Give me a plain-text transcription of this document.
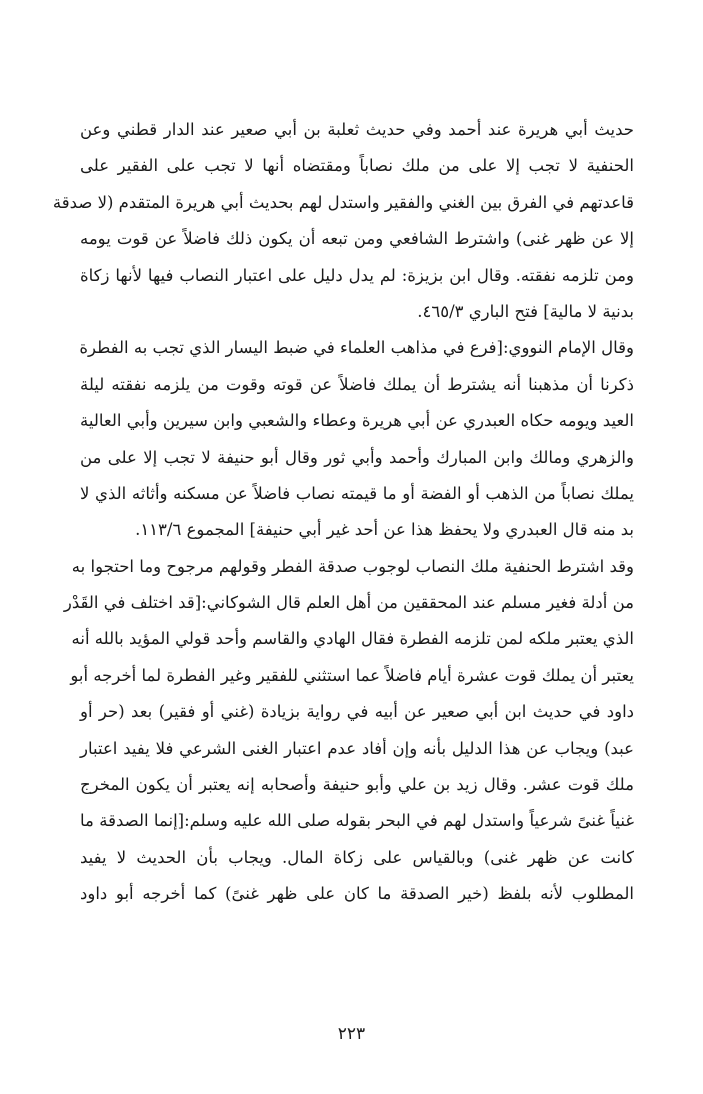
حديث أبي هريرة عند أحمد وفي حديث ثعلبة بن أبي صعير عند الدار قطني وعن
الحنفية لا تجب إلا على من ملك نصاباً ومقتضاه أنها لا تجب على الفقير على
قاعدتهم في الفرق بين الغني والفقير واستدل لهم بحديث أبي هريرة المتقدم (لا صدقة
إلا عن ظهر غنى) واشترط الشافعي ومن تبعه أن يكون ذلك فاضلاً عن قوت يومه
ومن تلزمه نفقته. وقال ابن بزيزة: لم يدل دليل على اعتبار النصاب فيها لأنها زكاة
بدنية لا مالية] فتح الباري ٤٦٥/٣.
وقال الإمام النووي:[فرع في مذاهب العلماء في ضبط اليسار الذي تجب به الفطرة
ذكرنا أن مذهبنا أنه يشترط أن يملك فاضلاً عن قوته وقوت من يلزمه نفقته ليلة
العيد ويومه حكاه العبدري عن أبي هريرة وعطاء والشعبي وابن سيرين وأبي العالية
والزهري ومالك وابن المبارك وأحمد وأبي ثور وقال أبو حنيفة لا تجب إلا على من
يملك نصاباً من الذهب أو الفضة أو ما قيمته نصاب فاضلاً عن مسكنه وأثاثه الذي لا
بد منه قال العبدري ولا يحفظ هذا عن أحد غير أبي حنيفة] المجموع ١١٣/٦.
وقد اشترط الحنفية ملك النصاب لوجوب صدقة الفطر وقولهم مرجوح وما احتجوا به
من أدلة فغير مسلم عند المحققين من أهل العلم قال الشوكاني:[قد اختلف في القَدْر
الذي يعتبر ملكه لمن تلزمه الفطرة فقال الهادي والقاسم وأحد قولي المؤيد بالله أنه
يعتبر أن يملك قوت عشرة أيام فاضلاً عما استثني للفقير وغير الفطرة لما أخرجه أبو
داود في حديث ابن أبي صعير عن أبيه في رواية بزيادة (غني أو فقير) بعد (حر أو
عبد) ويجاب عن هذا الدليل بأنه وإن أفاد عدم اعتبار الغنى الشرعي فلا يفيد اعتبار
ملك قوت عشر. وقال زيد بن علي وأبو حنيفة وأصحابه إنه يعتبر أن يكون المخرج
غنياً غنىً شرعياً واستدل لهم في البحر بقوله صلى الله عليه وسلم:[إنما الصدقة ما
كانت عن ظهر غنى) وبالقياس على زكاة المال. ويجاب بأن الحديث لا يفيد
المطلوب لأنه بلفظ (خير الصدقة ما كان على ظهر غنىً) كما أخرجه أبو داود
٢٢٣
